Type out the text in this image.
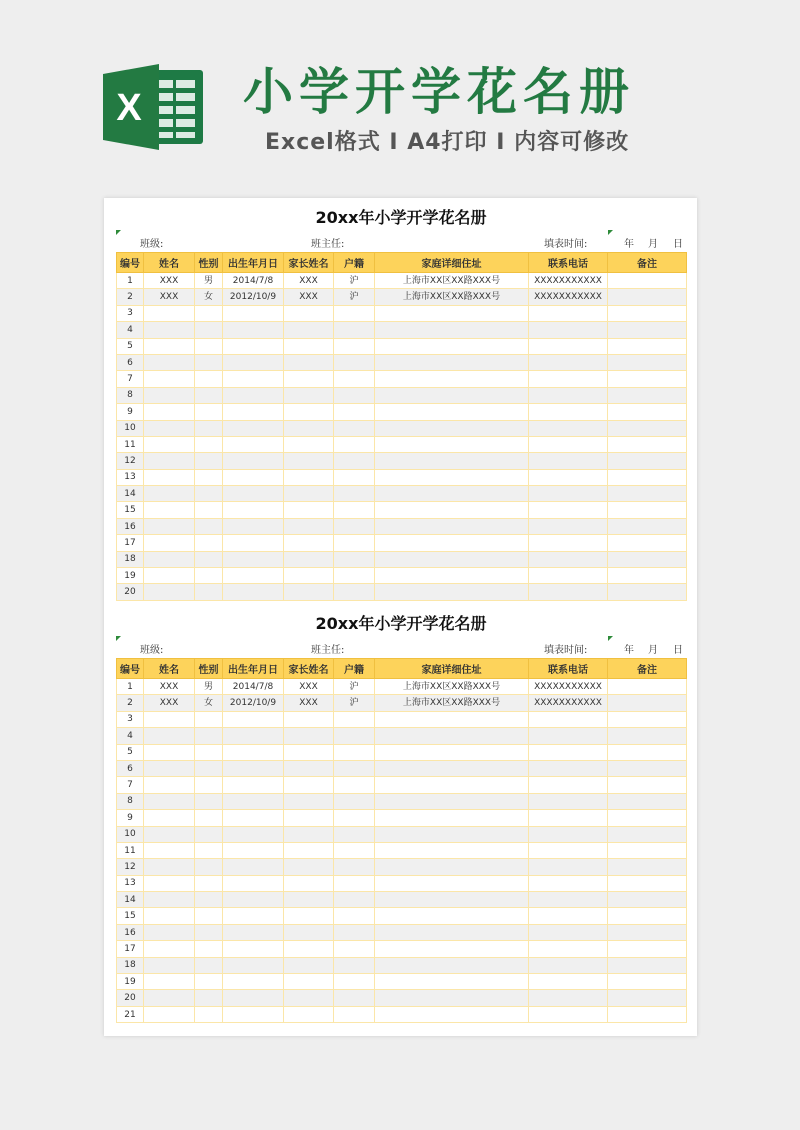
X 小学开学花名册
Excel格式 I A4打印 I 内容可修改
20xx年小学开学花名册
班级:	班主任:	填表时间:	年 月 日
编号	姓名	性别	出生年月日	家长姓名	户籍	家庭详细住址	联系电话	备注
1	XXX	男	2014/7/8	XXX	沪	上海市XX区XX路XXX号	XXXXXXXXXXX	
2	XXX	女	2012/10/9	XXX	沪	上海市XX区XX路XXX号	XXXXXXXXXXX	
3								
4								
5								
6								
7								
8								
9								
10								
11								
12								
13								
14								
15								
16								
17								
18								
19								
20								
20xx年小学开学花名册
班级:	班主任:	填表时间:	年 月 日
编号	姓名	性别	出生年月日	家长姓名	户籍	家庭详细住址	联系电话	备注
1	XXX	男	2014/7/8	XXX	沪	上海市XX区XX路XXX号	XXXXXXXXXXX	
2	XXX	女	2012/10/9	XXX	沪	上海市XX区XX路XXX号	XXXXXXXXXXX	
3								
4								
5								
6								
7								
8								
9								
10								
11								
12								
13								
14								
15								
16								
17								
18								
19								
20								
21								
